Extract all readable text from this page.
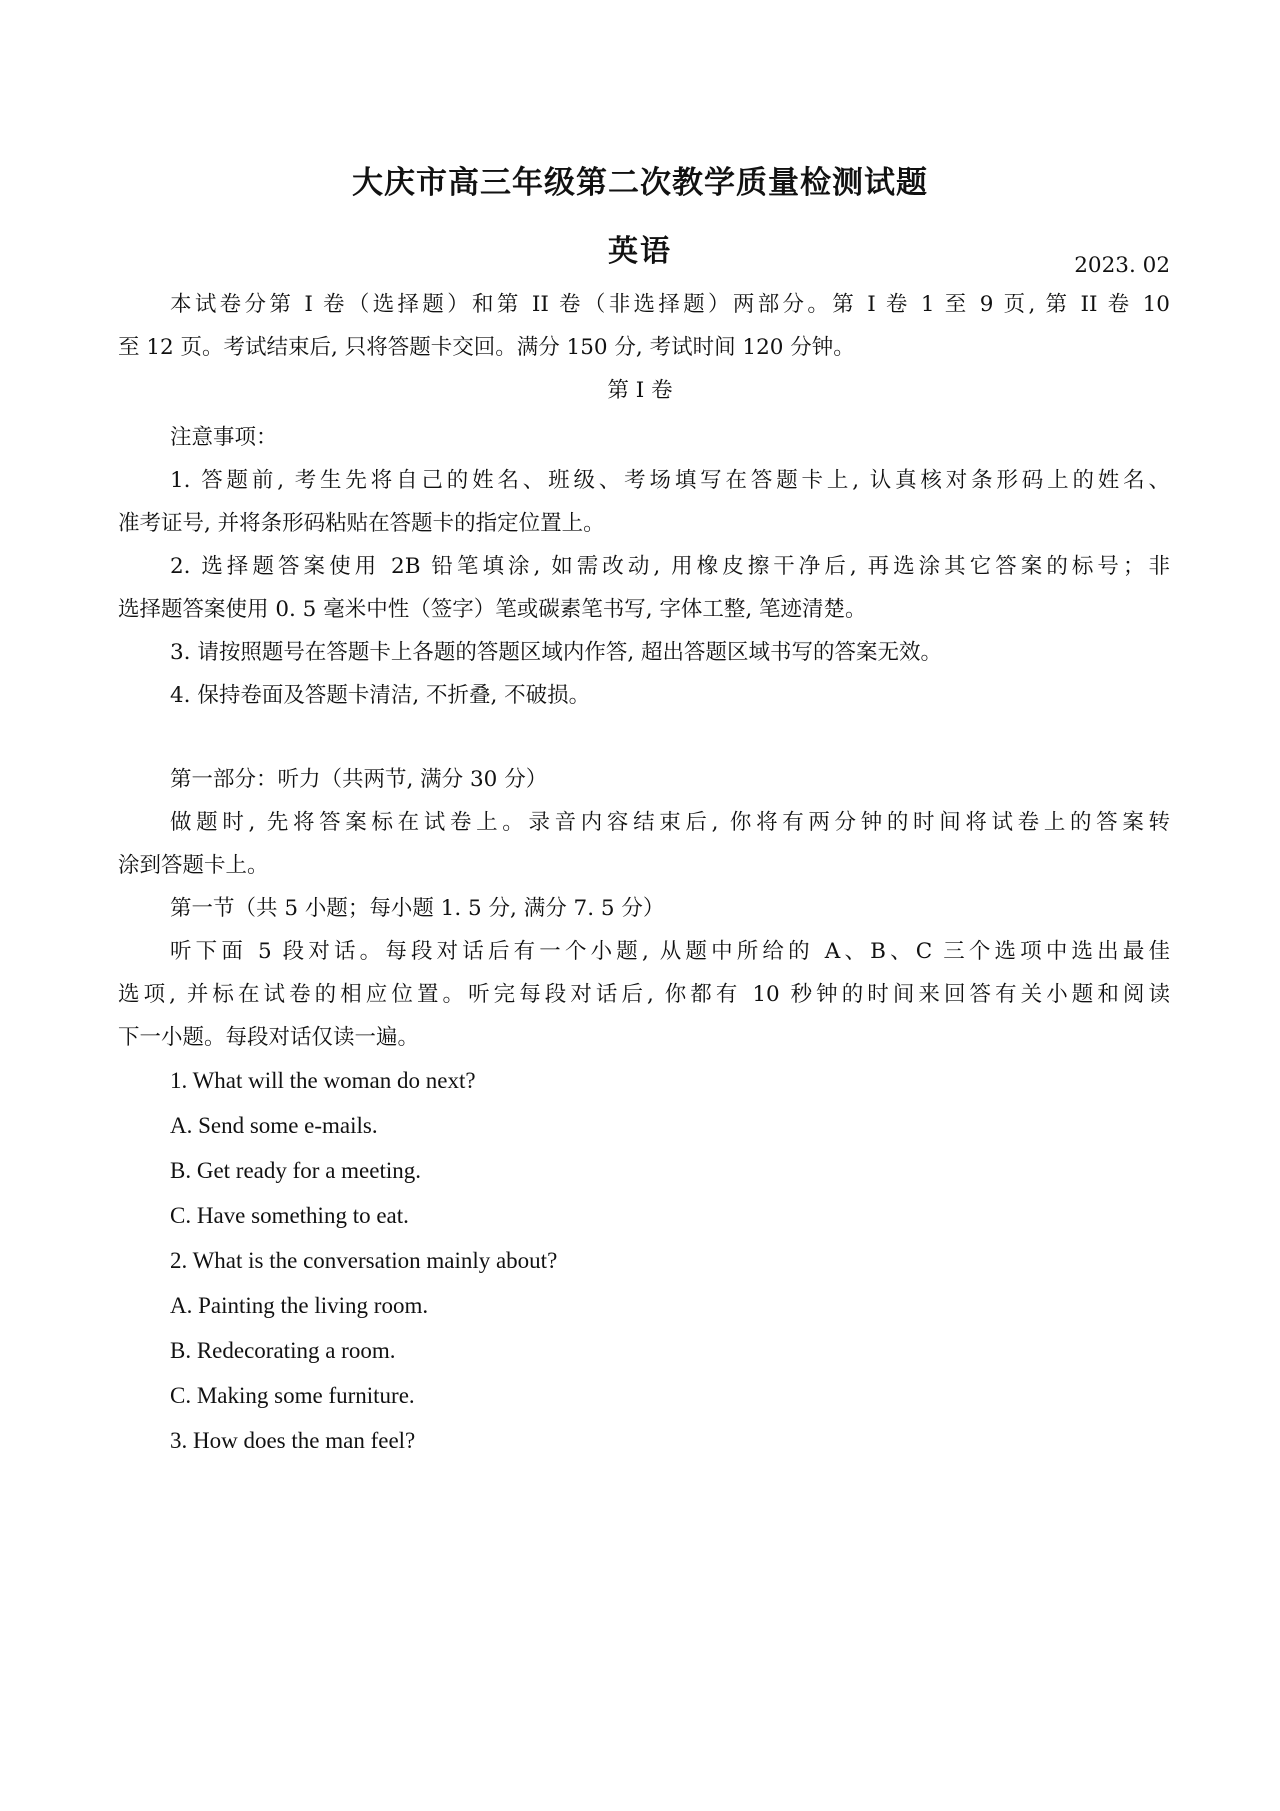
大庆市高三年级第二次教学质量检测试题
英语	2023. 02
本试卷分第 I 卷（选择题）和第 II 卷（非选择题）两部分。第 I 卷 1 至 9 页, 第 II 卷 10
至 12 页。考试结束后, 只将答题卡交回。满分 150 分, 考试时间 120 分钟。
第 I 卷
注意事项：
1. 答题前, 考生先将自己的姓名、班级、考场填写在答题卡上, 认真核对条形码上的姓名、
准考证号, 并将条形码粘贴在答题卡的指定位置上。
2. 选择题答案使用 2B 铅笔填涂, 如需改动, 用橡皮擦干净后, 再选涂其它答案的标号；非
选择题答案使用 0. 5 毫米中性（签字）笔或碳素笔书写, 字体工整, 笔迹清楚。
3. 请按照题号在答题卡上各题的答题区域内作答, 超出答题区域书写的答案无效。
4. 保持卷面及答题卡清洁, 不折叠, 不破损。
第一部分：听力（共两节, 满分 30 分）
做题时, 先将答案标在试卷上。录音内容结束后, 你将有两分钟的时间将试卷上的答案转
涂到答题卡上。
第一节（共 5 小题；每小题 1. 5 分, 满分 7. 5 分）
听下面 5 段对话。每段对话后有一个小题, 从题中所给的 A、B、C 三个选项中选出最佳
选项, 并标在试卷的相应位置。听完每段对话后, 你都有 10 秒钟的时间来回答有关小题和阅读
下一小题。每段对话仅读一遍。
1. What will the woman do next?
A. Send some e-mails.
B. Get ready for a meeting.
C. Have something to eat.
2. What is the conversation mainly about?
A. Painting the living room.
B. Redecorating a room.
C. Making some furniture.
3. How does the man feel?
